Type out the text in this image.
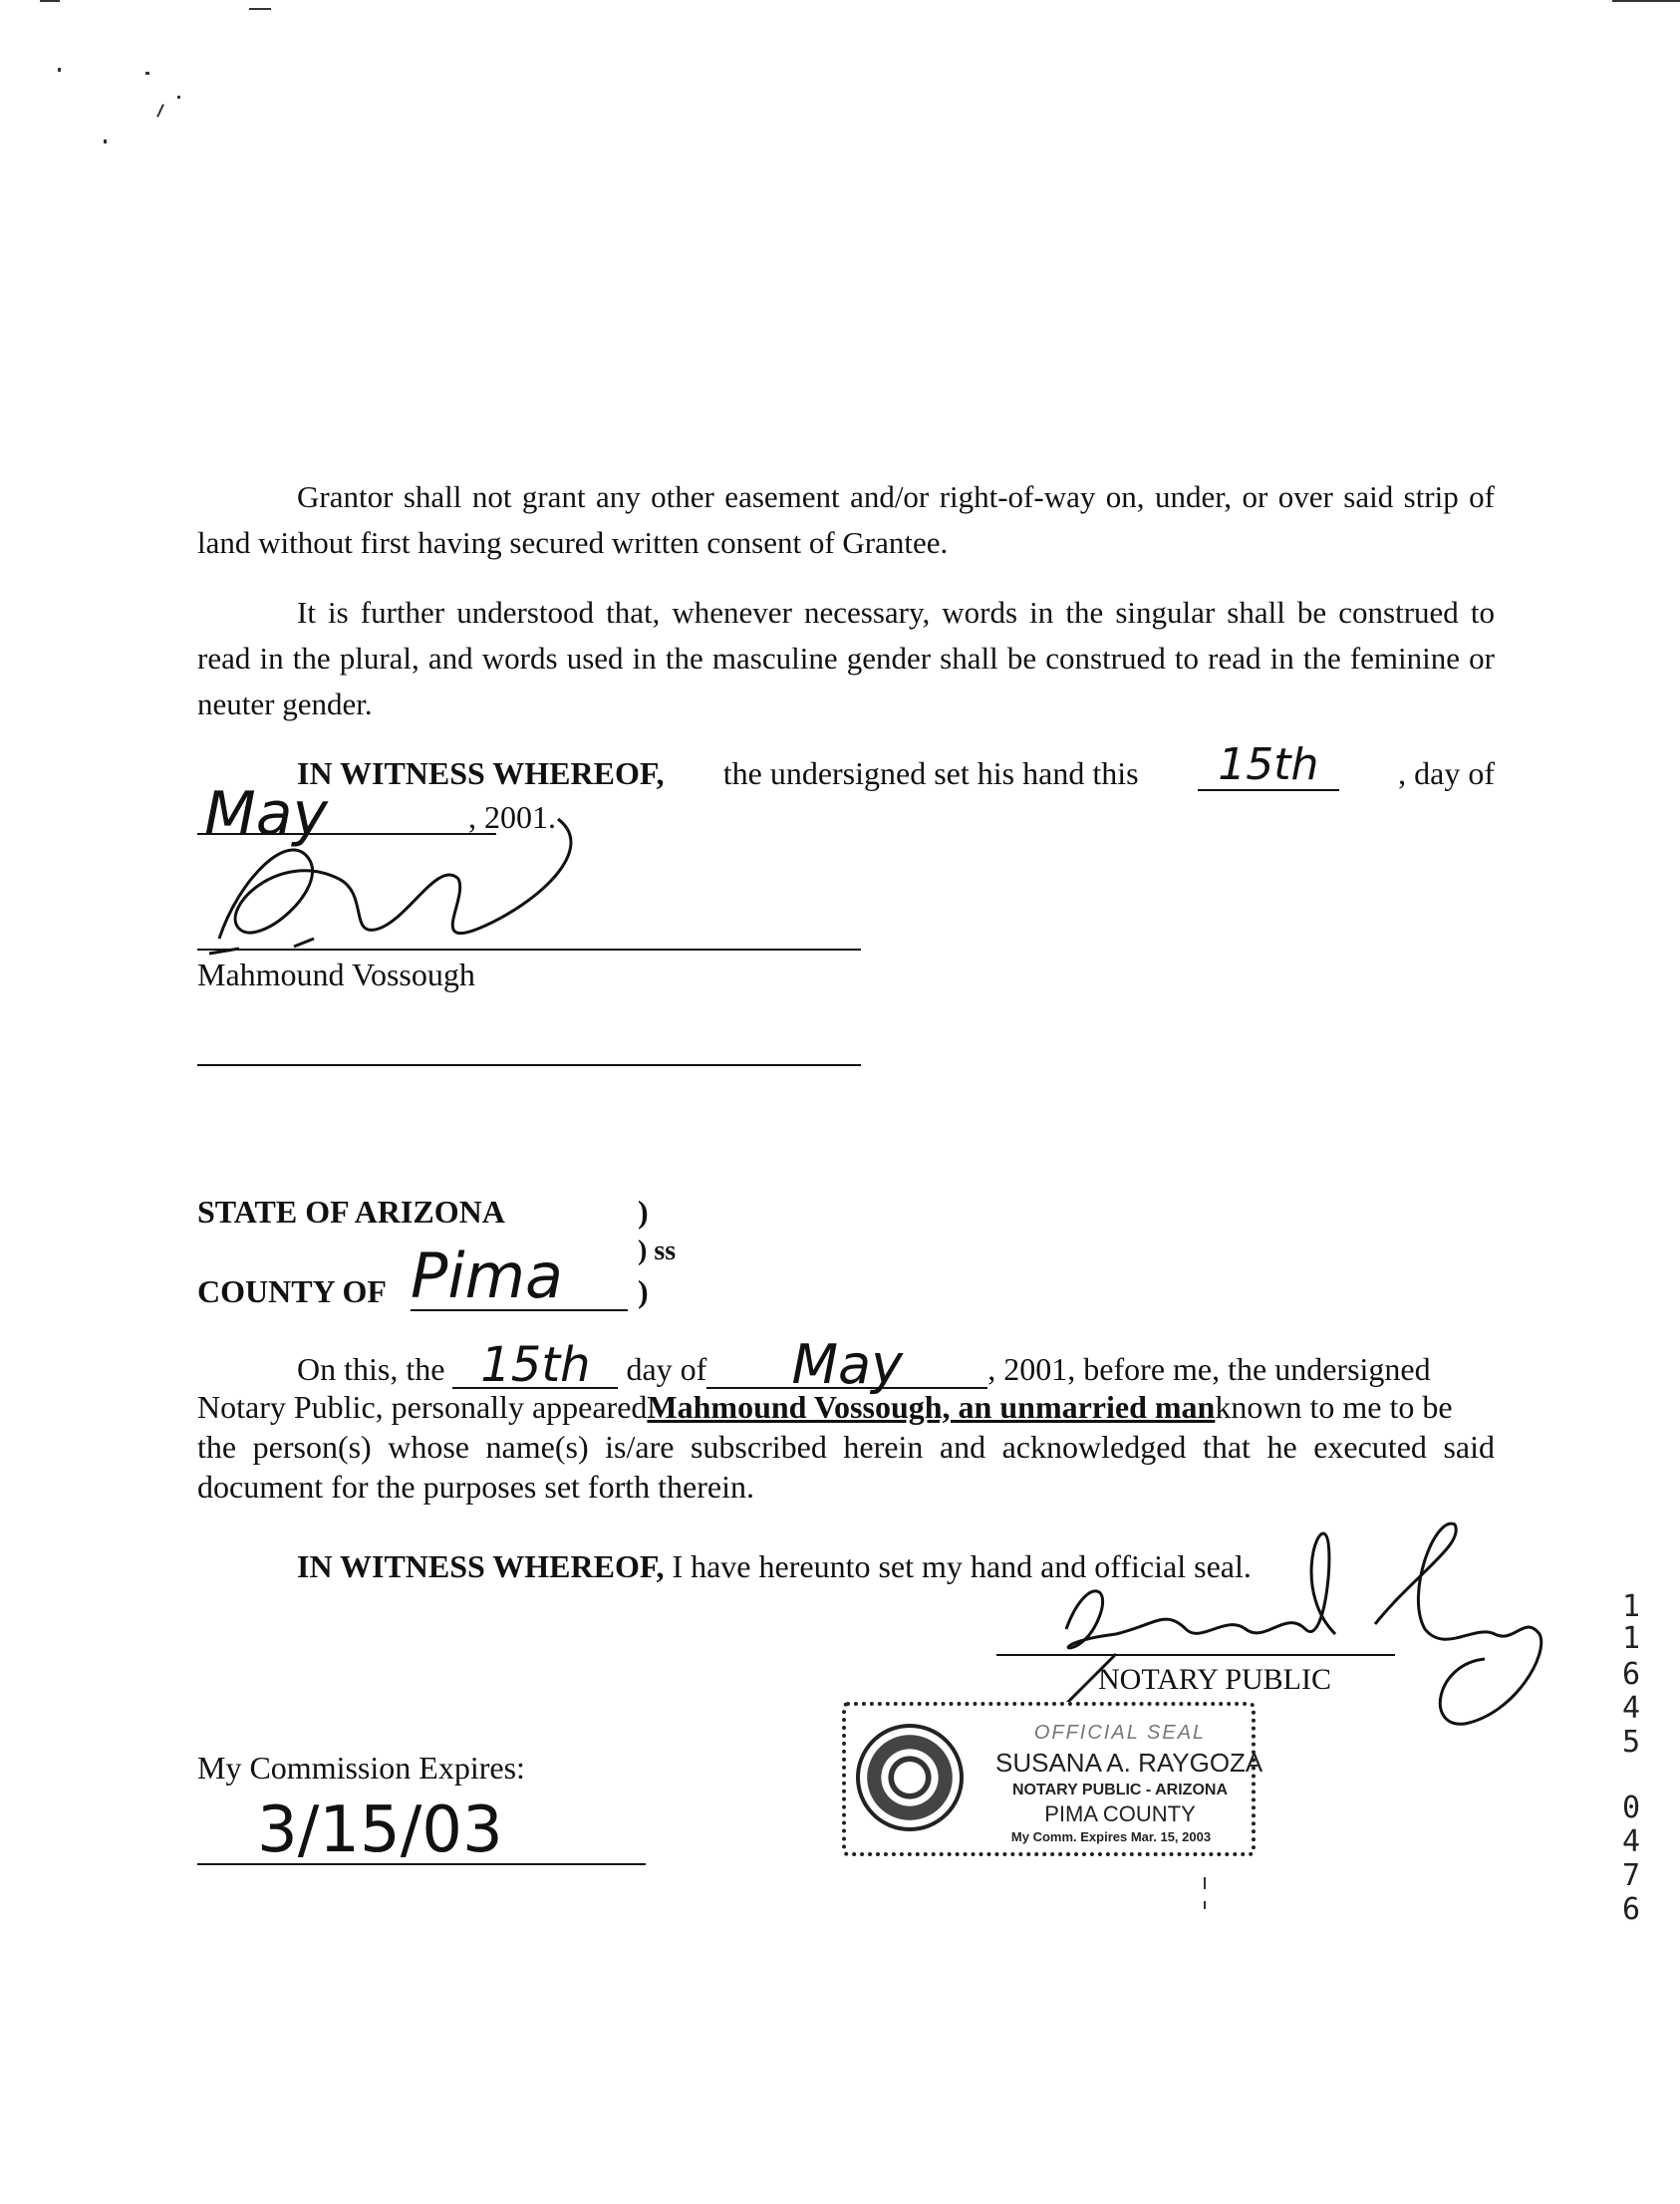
Grantor shall not grant any other easement and/or right-of-way on, under, or over said strip of land without first having secured written consent of Grantee.
It is further understood that, whenever necessary, words in the singular shall be construed to read in the plural, and words used in the masculine gender shall be construed to read in the feminine or neuter gender.
IN WITNESS WHEREOF, the undersigned set his hand this	15th	, day of
May	, 2001.
Mahmound Vossough
STATE OF ARIZONA	)
) ss
COUNTY OF Pima )
On this, the 15th	day of	May	, 2001, before me, the undersigned
Notary Public, personally appearedMahmound Vossough, an unmarried manknown to me to be
the person(s) whose name(s) is/are subscribed herein and acknowledged that he executed said
document for the purposes set forth therein.
IN WITNESS WHEREOF, I have hereunto set my hand and official seal.
NOTARY PUBLIC
My Commission Expires:
3/15/03
OFFICIAL SEAL
SUSANA A. RAYGOZA
NOTARY PUBLIC - ARIZONA
PIMA COUNTY
My Comm. Expires Mar. 15, 2003
1
1
6
4
5
0
4
7
6
